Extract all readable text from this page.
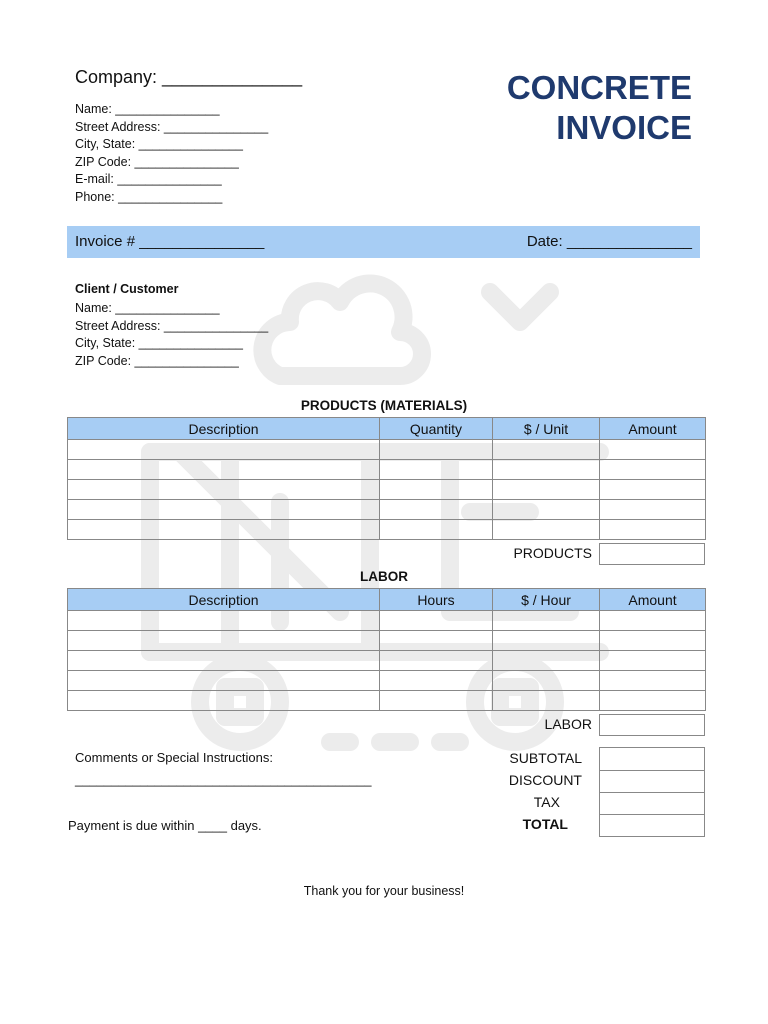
Company: ______________
Name: _______________
Street Address: _______________
City, State: _______________
ZIP Code: _______________
E-mail: _______________
Phone: _______________
CONCRETE
INVOICE
Invoice # _______________	Date: _______________
Client / Customer
Name: _______________
Street Address: _______________
City, State: _______________
ZIP Code: _______________
PRODUCTS (MATERIALS)
Description	Quantity	$ / Unit	Amount

PRODUCTS
LABOR
Description	Hours	$ / Hour	Amount

LABOR
SUBTOTAL
DISCOUNT
TAX
TOTAL
Comments or Special Instructions:
_________________________________________
Payment is due within ____ days.
Thank you for your business!
